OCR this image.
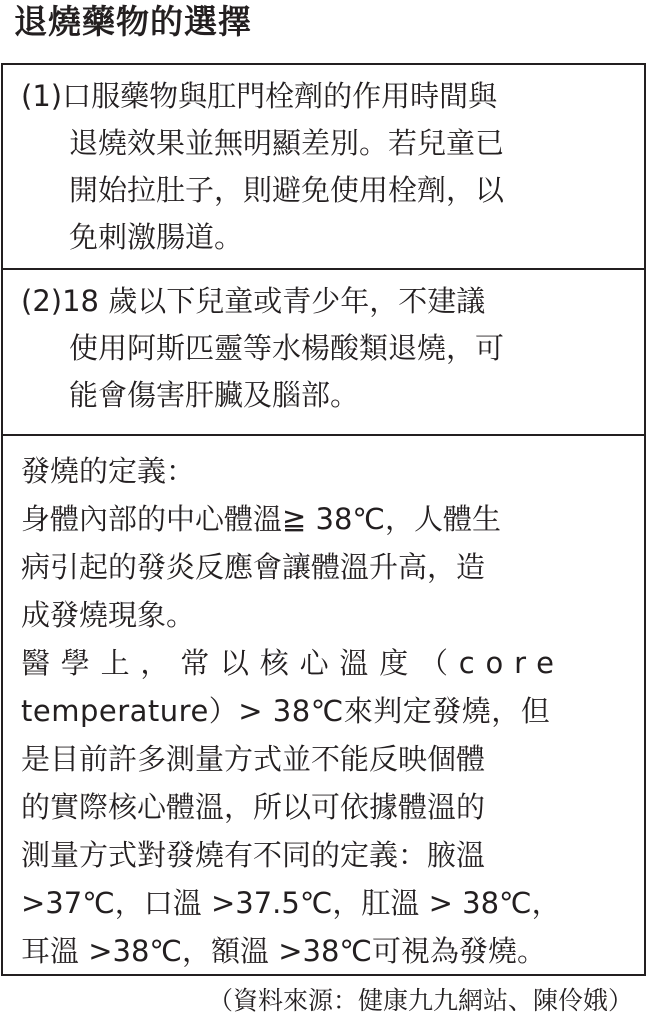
退燒藥物的選擇
(1)口服藥物與肛門栓劑的作用時間與
退燒效果並無明顯差別。若兒童已
開始拉肚子，則避免使用栓劑，以
免刺激腸道。
(2)18 歲以下兒童或青少年，不建議
使用阿斯匹靈等水楊酸類退燒，可
能會傷害肝臟及腦部。
發燒的定義：
身體內部的中心體溫≧ 38℃，人體生
病引起的發炎反應會讓體溫升高，造
成發燒現象。
醫學上，常以核心溫度（core
temperature）> 38℃來判定發燒，但
是目前許多測量方式並不能反映個體
的實際核心體溫，所以可依據體溫的
測量方式對發燒有不同的定義：腋溫
>37℃，口溫 >37.5℃，肛溫 > 38℃，
耳溫 >38℃，額溫 >38℃可視為發燒。
（資料來源：健康九九網站、陳伶娥）
